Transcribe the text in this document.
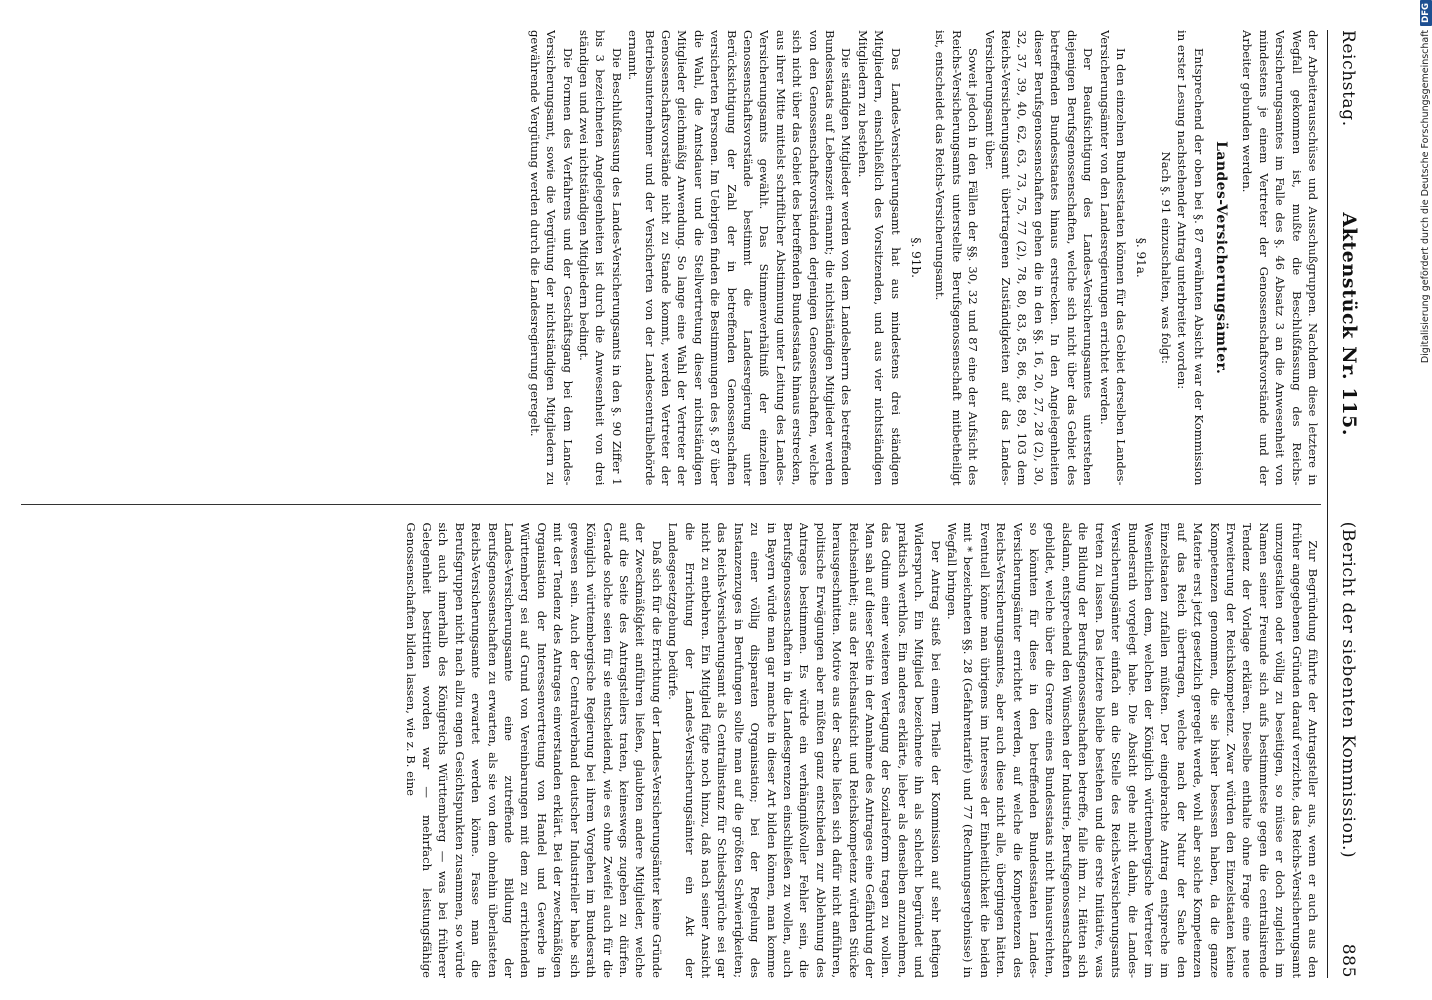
Reichstag.
Aktenstück Nr. 115.
(Bericht der siebenten Kommission.)
885

der Arbeiterausschüsse und Ausschußgruppen. Nachdem diese letztere in Wegfall gekommen ist, mußte die Beschlußfassung des Reichs-Versicherungsamtes im Falle des §. 46 Absatz 3 an die Anwesenheit von mindestens je einem Vertreter der Genossenschaftsvorstände und der Arbeiter gebunden werden.

Landes-Versicherungsämter.

Entsprechend der oben bei §. 87 erwähnten Absicht war der Kommission in erster Lesung nachstehender Antrag unterbreitet worden:

Nach §. 91 einzuschalten, was folgt:

§. 91a.

In den einzelnen Bundesstaaten können für das Gebiet derselben Landes-Versicherungsämter von den Landesregierungen errichtet werden.

Der Beaufsichtigung des Landes-Versicherungsamtes unterstehen diejenigen Berufsgenossenschaften, welche sich nicht über das Gebiet des betreffenden Bundesstaates hinaus erstrecken. In den Angelegenheiten dieser Berufsgenossenschaften gehen die in den §§. 16, 20, 27, 28 (2), 30, 32, 37, 39, 40, 62, 63, 73, 75, 77 (2), 78, 80, 83, 85, 86, 88, 89, 103 dem Reichs-Versicherungsamt übertragenen Zuständigkeiten auf das Landes-Versicherungsamt über.

Soweit jedoch in den Fällen der §§. 30, 32 und 87 eine der Aufsicht des Reichs-Versicherungsamts unterstellte Berufsgenossenschaft mitbetheiligt ist, entscheidet das Reichs-Versicherungsamt.

§. 91b.

Das Landes-Versicherungsamt hat aus mindestens drei ständigen Mitgliedern, einschließlich des Vorsitzenden, und aus vier nichtständigen Mitgliedern zu bestehen.

Die ständigen Mitglieder werden von dem Landesherrn des betreffenden Bundesstaats auf Lebenszeit ernannt; die nichtständigen Mitglieder werden von den Genossenschaftsvorständen derjenigen Genossenschaften, welche sich nicht über das Gebiet des betreffenden Bundesstaats hinaus erstrecken, aus ihrer Mitte mittelst schriftlicher Abstimmung unter Leitung des Landes-Versicherungsamts gewählt. Das Stimmenverhältniß der einzelnen Genossenschaftsvorstände bestimmt die Landesregierung unter Berücksichtigung der Zahl der in betreffenden Genossenschaften versicherten Personen. Im Uebrigen finden die Bestimmungen des §. 87 über die Wahl, die Amtsdauer und die Stellvertretung dieser nichtständigen Mitglieder gleichmäßig Anwendung. So lange eine Wahl der Vertreter der Genossenschaftsvorstände nicht zu Stande kommt, werden Vertreter der Betriebsunternehmer und der Versicherten von der Landescentralbehörde ernannt.

Die Beschlußfassung des Landes-Versicherungsamts in den §. 90 Ziffer 1 bis 3 bezeichneten Angelegenheiten ist durch die Anwesenheit von drei ständigen und zwei nichtständigen Mitgliedern bedingt.

Die Formen des Verfahrens und der Geschäftsgang bei dem Landes-Versicherungsamt, sowie die Vergütung der nichtständigen Mitgliedern zu gewährende Vergütung werden durch die Landesregierung geregelt.

Zur Begründung führte der Antragsteller aus, wenn er auch aus den früher angegebenen Gründen darauf verzichte, das Reichs-Versicherungsamt umzugestalten oder völlig zu beseitigen, so müsse er doch zugleich im Namen seiner Freunde sich aufs bestimmteste gegen die centralisirende Tendenz der Vorlage erklären. Dieselbe enthalte ohne Frage eine neue Erweiterung der Reichskompetenz. Zwar würden den Einzelstaaten keine Kompetenzen genommen, die sie bisher besessen haben, da die ganze Materie erst jetzt gesetzlich geregelt werde, wohl aber solche Kompetenzen auf das Reich übertragen, welche nach der Natur der Sache den Einzelstaaten zufallen müßten. Der eingebrachte Antrag entspreche im Wesentlichen dem, welchen der Königlich württembergische Vertreter im Bundesrath vorgelegt habe. Die Absicht gehe nicht dahin, die Landes-Versicherungsämter einfach an die Stelle des Reichs-Versicherungsamts treten zu lassen. Das letztere bleibe bestehen und die erste Initiative, was die Bildung der Berufsgenossenschaften betreffe, falle ihm zu. Hätten sich alsdann, entsprechend den Wünschen der Industrie, Berufsgenossenschaften gebildet, welche über die Grenze eines Bundesstaats nicht hinausreichten, so könnten für diese in den betreffenden Bundesstaaten Landes-Versicherungsämter errichtet werden, auf welche die Kompetenzen des Reichs-Versicherungsamtes, aber auch diese nicht alle, übergingen hätten. Eventuell könne man übrigens im Interesse der Einheitlichkeit die beiden mit * bezeichneten §§. 28 (Gefahrentarife) und 77 (Rechnungsergebnisse) in Wegfall bringen.

Der Antrag stieß bei einem Theile der Kommission auf sehr heftigen Widerspruch. Ein Mitglied bezeichnete ihn als schlecht begründet und praktisch werthlos. Ein anderes erklärte, lieber als denselben anzunehmen, das Odium einer weiteren Vertagung der Sozialreform tragen zu wollen. Man sah auf dieser Seite in der Annahme des Antrages eine Gefährdung der Reichseinheit; aus der Reichsaufsicht und Reichskompetenz würden Stücke herausgeschnitten. Motive aus der Sache ließen sich dafür nicht anführen, politische Erwägungen aber müßten ganz entschieden zur Ablehnung des Antrages bestimmen. Es würde ein verhängnißvoller Fehler sein, die Berufsgenossenschaften in die Landesgrenzen einschließen zu wollen, auch in Bayern würde man gar manche in dieser Art bilden können, man komme zu einer völlig disparaten Organisation; bei der Regelung des Instanzenzuges in Berufungen sollte man auf die größten Schwierigkeiten; das Reichs-Versicherungsamt als Centralinstanz für Schiedssprüche sei gar nicht zu entbehren. Ein Mitglied fügte noch hinzu, daß nach seiner Ansicht die Errichtung der Landes-Versicherungsämter ein Akt der Landesgesetzgebung bedürfe.

Daß sich für die Errichtung der Landes-Versicherungsämter keine Gründe der Zweckmäßigkeit anführen ließen, glaubten andere Mitglieder, welche auf die Seite des Antragstellers traten, keineswegs zugeben zu dürfen. Gerade solche seien für sie entscheidend, wie es ohne Zweifel auch für die Königlich württembergische Regierung bei ihrem Vorgehen im Bundesrath gewesen sein. Auch der Centralverband deutscher Industrieller habe sich mit der Tendenz des Antrages einverstanden erklärt. Bei der zweckmäßigen Organisation der Interessenvertretung von Handel und Gewerbe in Württemberg sei auf Grund von Vereinbarungen mit dem zu errichtenden Landes-Versicherungsamte eine zutreffende Bildung der Berufsgenossenschaften zu erwarten, als sie von dem ohnehin überlasteten Reichs-Versicherungsamte erwartet werden könne. Fasse man die Berufsgruppen nicht nach allzu engen Gesichtspunkten zusammen, so würde sich auch innerhalb des Königreichs Württemberg — was bei früherer Gelegenheit bestritten worden war — mehrfach leistungsfähige Genossenschaften bilden lassen, wie z. B. eine

Digitalisierung gefördert durch die Deutsche Forschungsgemeinschaft
DFG
